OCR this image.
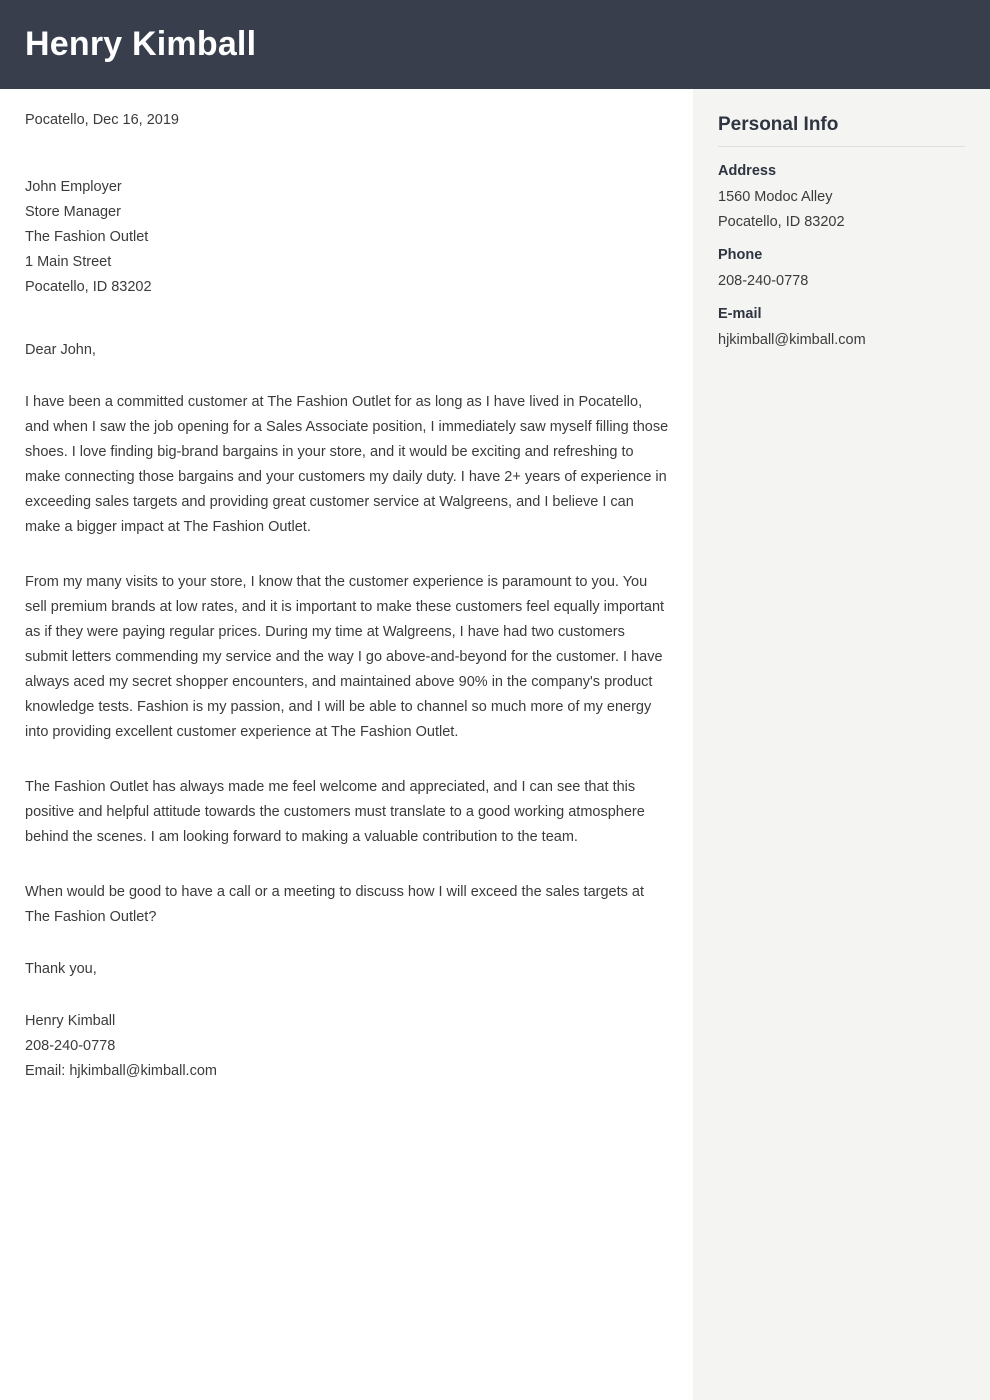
Henry Kimball

Pocatello, Dec 16, 2019

John Employer

Store Manager

The Fashion Outlet

1 Main Street

Pocatello, ID 83202

Dear John,

I have been a committed customer at The Fashion Outlet for as long as I have lived in Pocatello, and when I saw the job opening for a Sales Associate position, I immediately saw myself filling those shoes. I love finding big-brand bargains in your store, and it would be exciting and refreshing to make connecting those bargains and your customers my daily duty. I have 2+ years of experience in exceeding sales targets and providing great customer service at Walgreens, and I believe I can make a bigger impact at The Fashion Outlet.

From my many visits to your store, I know that the customer experience is paramount to you. You sell premium brands at low rates, and it is important to make these customers feel equally important as if they were paying regular prices. During my time at Walgreens, I have had two customers submit letters commending my service and the way I go above-and-beyond for the customer. I have always aced my secret shopper encounters, and maintained above 90% in the company's product knowledge tests. Fashion is my passion, and I will be able to channel so much more of my energy into providing excellent customer experience at The Fashion Outlet.

The Fashion Outlet has always made me feel welcome and appreciated, and I can see that this positive and helpful attitude towards the customers must translate to a good working atmosphere behind the scenes. I am looking forward to making a valuable contribution to the team.

When would be good to have a call or a meeting to discuss how I will exceed the sales targets at The Fashion Outlet?

Thank you,

Henry Kimball

208-240-0778

Email: hjkimball@kimball.com

Personal Info

Address

1560 Modoc Alley

Pocatello, ID 83202

Phone

208-240-0778

E-mail

hjkimball@kimball.com
